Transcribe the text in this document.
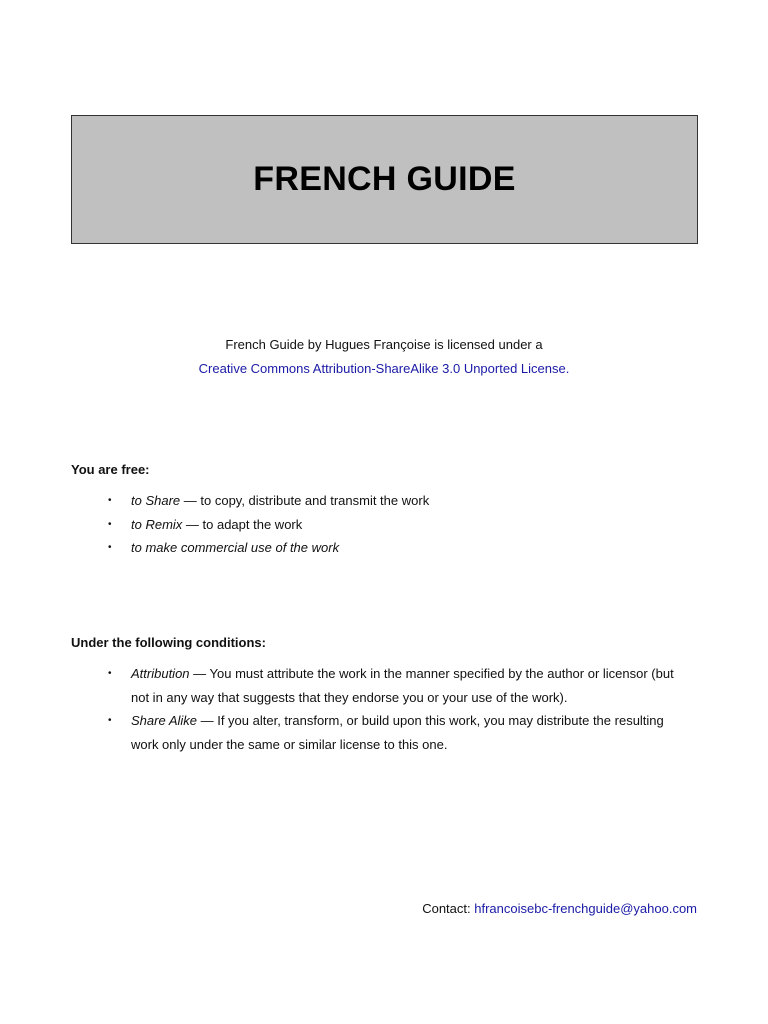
FRENCH GUIDE

French Guide by Hugues Françoise is licensed under a

Creative Commons Attribution-ShareAlike 3.0 Unported License.

You are free:

• to Share — to copy, distribute and transmit the work
• to Remix — to adapt the work
• to make commercial use of the work

Under the following conditions:

• Attribution — You must attribute the work in the manner specified by the author or licensor (but not in any way that suggests that they endorse you or your use of the work).
• Share Alike — If you alter, transform, or build upon this work, you may distribute the resulting work only under the same or similar license to this one.

Contact: hfrancoisebc-frenchguide@yahoo.com
